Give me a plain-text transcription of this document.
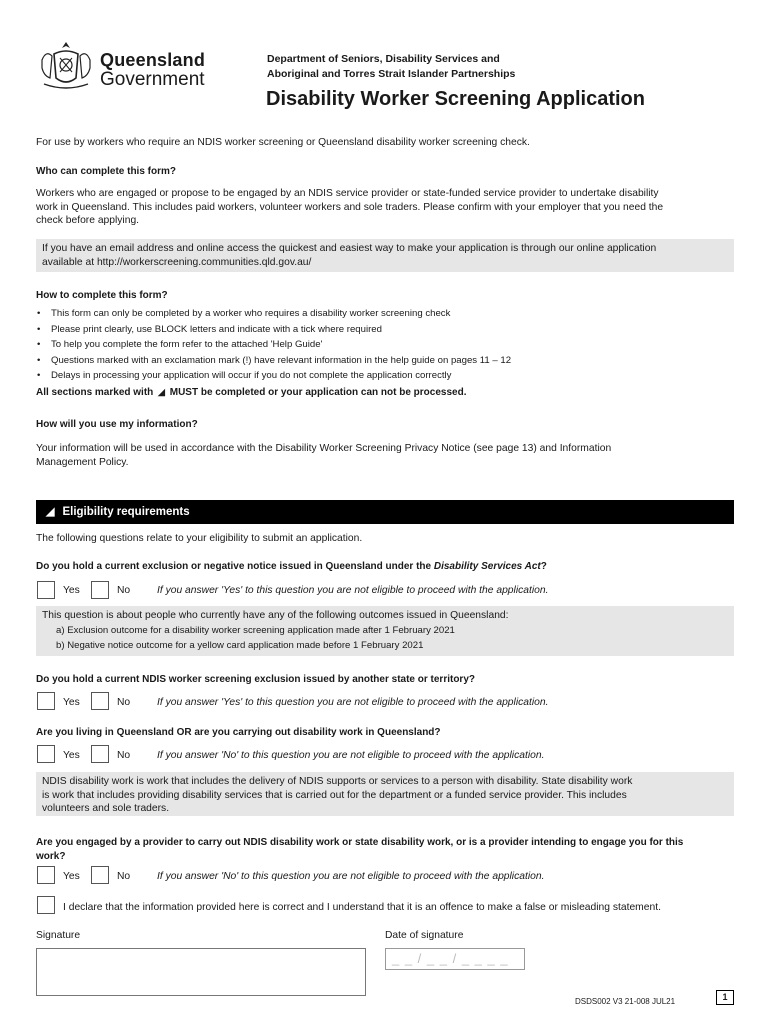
Queensland
Government
Department of Seniors, Disability Services and
Aboriginal and Torres Strait Islander Partnerships
Disability Worker Screening Application
For use by workers who require an NDIS worker screening or Queensland disability worker screening check.
Who can complete this form?
Workers who are engaged or propose to be engaged by an NDIS service provider or state-funded service provider to undertake disability
work in Queensland. This includes paid workers, volunteer workers and sole traders. Please confirm with your employer that you need the
check before applying.
If you have an email address and online access the quickest and easiest way to make your application is through our online application
available at http://workerscreening.communities.qld.gov.au/
How to complete this form?
• This form can only be completed by a worker who requires a disability worker screening check
• Please print clearly, use BLOCK letters and indicate with a tick where required
• To help you complete the form refer to the attached 'Help Guide'
• Questions marked with an exclamation mark (!) have relevant information in the help guide on pages 11 – 12
• Delays in processing your application will occur if you do not complete the application correctly
All sections marked with ◢ MUST be completed or your application can not be processed.
How will you use my information?
Your information will be used in accordance with the Disability Worker Screening Privacy Notice (see page 13) and Information
Management Policy.
◢ Eligibility requirements
The following questions relate to your eligibility to submit an application.
Do you hold a current exclusion or negative notice issued in Queensland under the Disability Services Act?
Yes	No	If you answer 'Yes' to this question you are not eligible to proceed with the application.
This question is about people who currently have any of the following outcomes issued in Queensland:
a) Exclusion outcome for a disability worker screening application made after 1 February 2021
b) Negative notice outcome for a yellow card application made before 1 February 2021
Do you hold a current NDIS worker screening exclusion issued by another state or territory?
Yes	No	If you answer 'Yes' to this question you are not eligible to proceed with the application.
Are you living in Queensland OR are you carrying out disability work in Queensland?
Yes	No	If you answer 'No' to this question you are not eligible to proceed with the application.
NDIS disability work is work that includes the delivery of NDIS supports or services to a person with disability. State disability work
is work that includes providing disability services that is carried out for the department or a funded service provider. This includes
volunteers and sole traders.
Are you engaged by a provider to carry out NDIS disability work or state disability work, or is a provider intending to engage you for this
work?
Yes	No	If you answer 'No' to this question you are not eligible to proceed with the application.
I declare that the information provided here is correct and I understand that it is an offence to make a false or misleading statement.
Signature	Date of signature
_ _ / _ _ / _ _ _ _
DSDS002 V3 21-008 JUL21	1
